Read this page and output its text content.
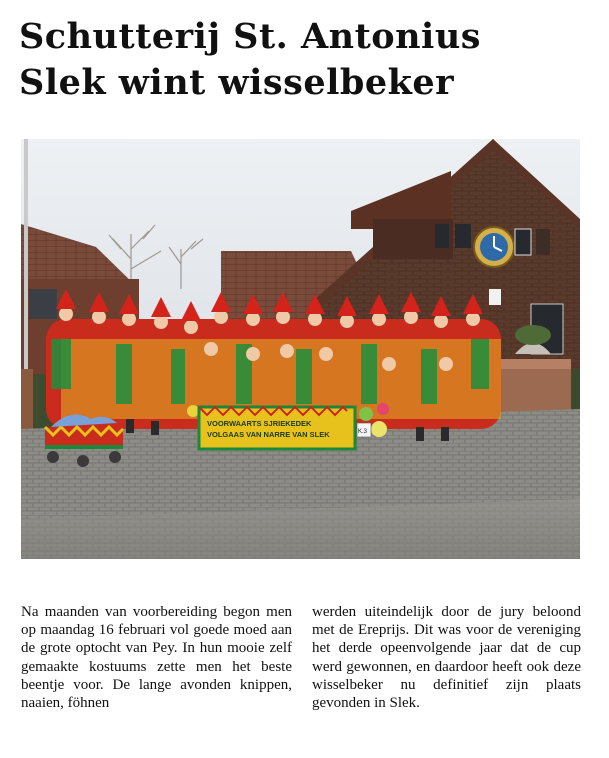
Schutterij St. Antonius
Slek wint wisselbeker
VOORWAARTS SJRIEKEDEK
VOLGAAS VAN NARRE VAN SLEK	K.3

Na maanden van voorbereiding begon men op maandag 16 februari vol goede moed aan de grote optocht van Pey. In hun mooie zelf gemaakte kostuums zette men het beste beentje voor. De lange avonden knippen, naaien, föhnen

werden uiteindelijk door de jury beloond met de Ereprijs. Dit was voor de vereniging het derde opeenvolgende jaar dat de cup werd gewonnen, en daardoor heeft ook deze wisselbeker nu definitief zijn plaats gevonden in Slek.
